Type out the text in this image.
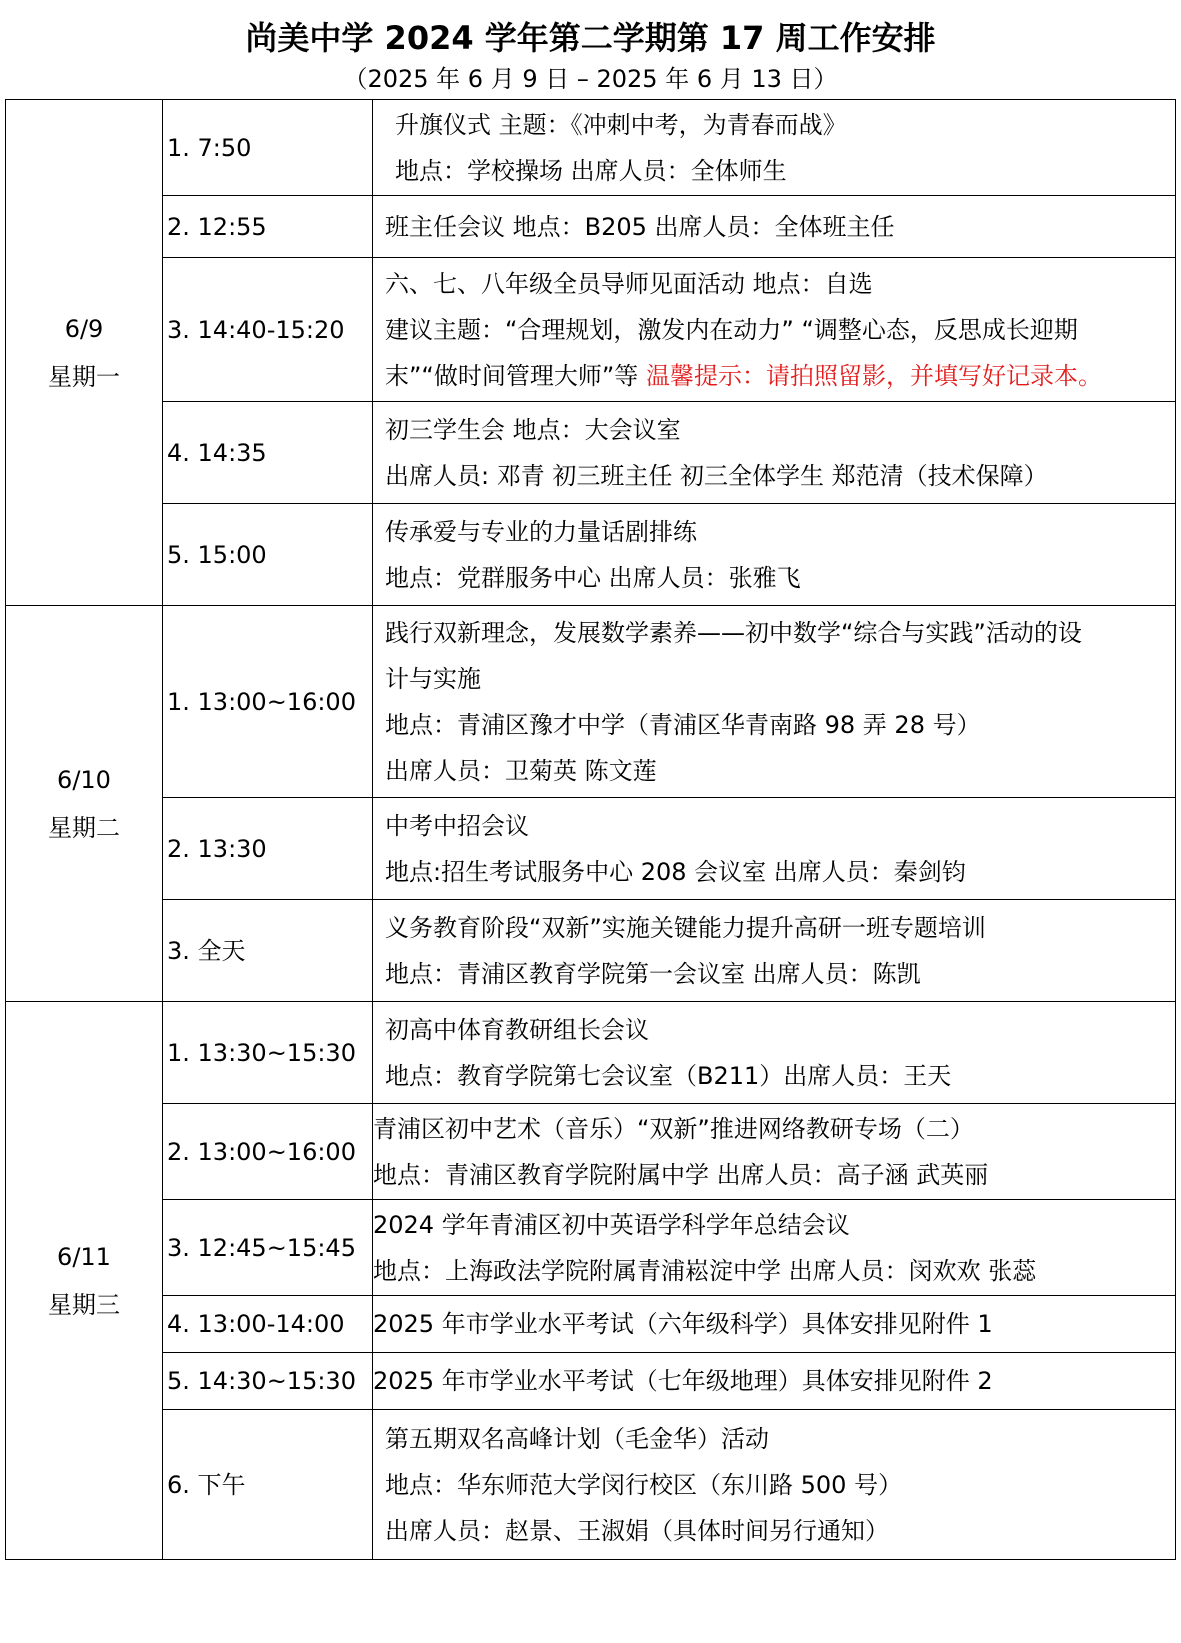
尚美中学 2024 学年第二学期第 17 周工作安排
（2025 年 6 月 9 日 – 2025 年 6 月 13 日）
6/9
星期一	1. 7:50	升旗仪式 主题：《冲刺中考，为青春而战》
地点：学校操场 出席人员：全体师生

	2. 12:55	班主任会议 地点：B205 出席人员：全体班主任

	3. 14:40-15:20	六、七、八年级全员导师见面活动 地点：自选
建议主题：“合理规划，激发内在动力” “调整心态，反思成长迎期
末”“做时间管理大师”等 温馨提示：请拍照留影，并填写好记录本。

	4. 14:35	初三学生会 地点：大会议室
出席人员: 邓青 初三班主任 初三全体学生 郑范清（技术保障）

	5. 15:00	传承爱与专业的力量话剧排练
地点：党群服务中心 出席人员：张雅飞

6/10
星期二	1. 13:00~16:00	践行双新理念，发展数学素养——初中数学“综合与实践”活动的设
计与实施
地点：青浦区豫才中学（青浦区华青南路 98 弄 28 号）
出席人员：卫菊英 陈文莲

	2. 13:30	中考中招会议
地点:招生考试服务中心 208 会议室 出席人员：秦剑钧

	3. 全天	义务教育阶段“双新”实施关键能力提升高研一班专题培训
地点：青浦区教育学院第一会议室 出席人员：陈凯

6/11
星期三	1. 13:30~15:30	初高中体育教研组长会议
地点：教育学院第七会议室（B211）出席人员：王天

	2. 13:00~16:00	青浦区初中艺术（音乐）“双新”推进网络教研专场（二）
地点：青浦区教育学院附属中学 出席人员：高子涵 武英丽

	3. 12:45~15:45	2024 学年青浦区初中英语学科学年总结会议
地点：上海政法学院附属青浦崧淀中学 出席人员：闵欢欢 张蕊

	4. 13:00-14:00	2025 年市学业水平考试（六年级科学）具体安排见附件 1

	5. 14:30~15:30	2025 年市学业水平考试（七年级地理）具体安排见附件 2

	6. 下午	第五期双名高峰计划（毛金华）活动
地点：华东师范大学闵行校区（东川路 500 号）
出席人员：赵景、王淑娟（具体时间另行通知）
